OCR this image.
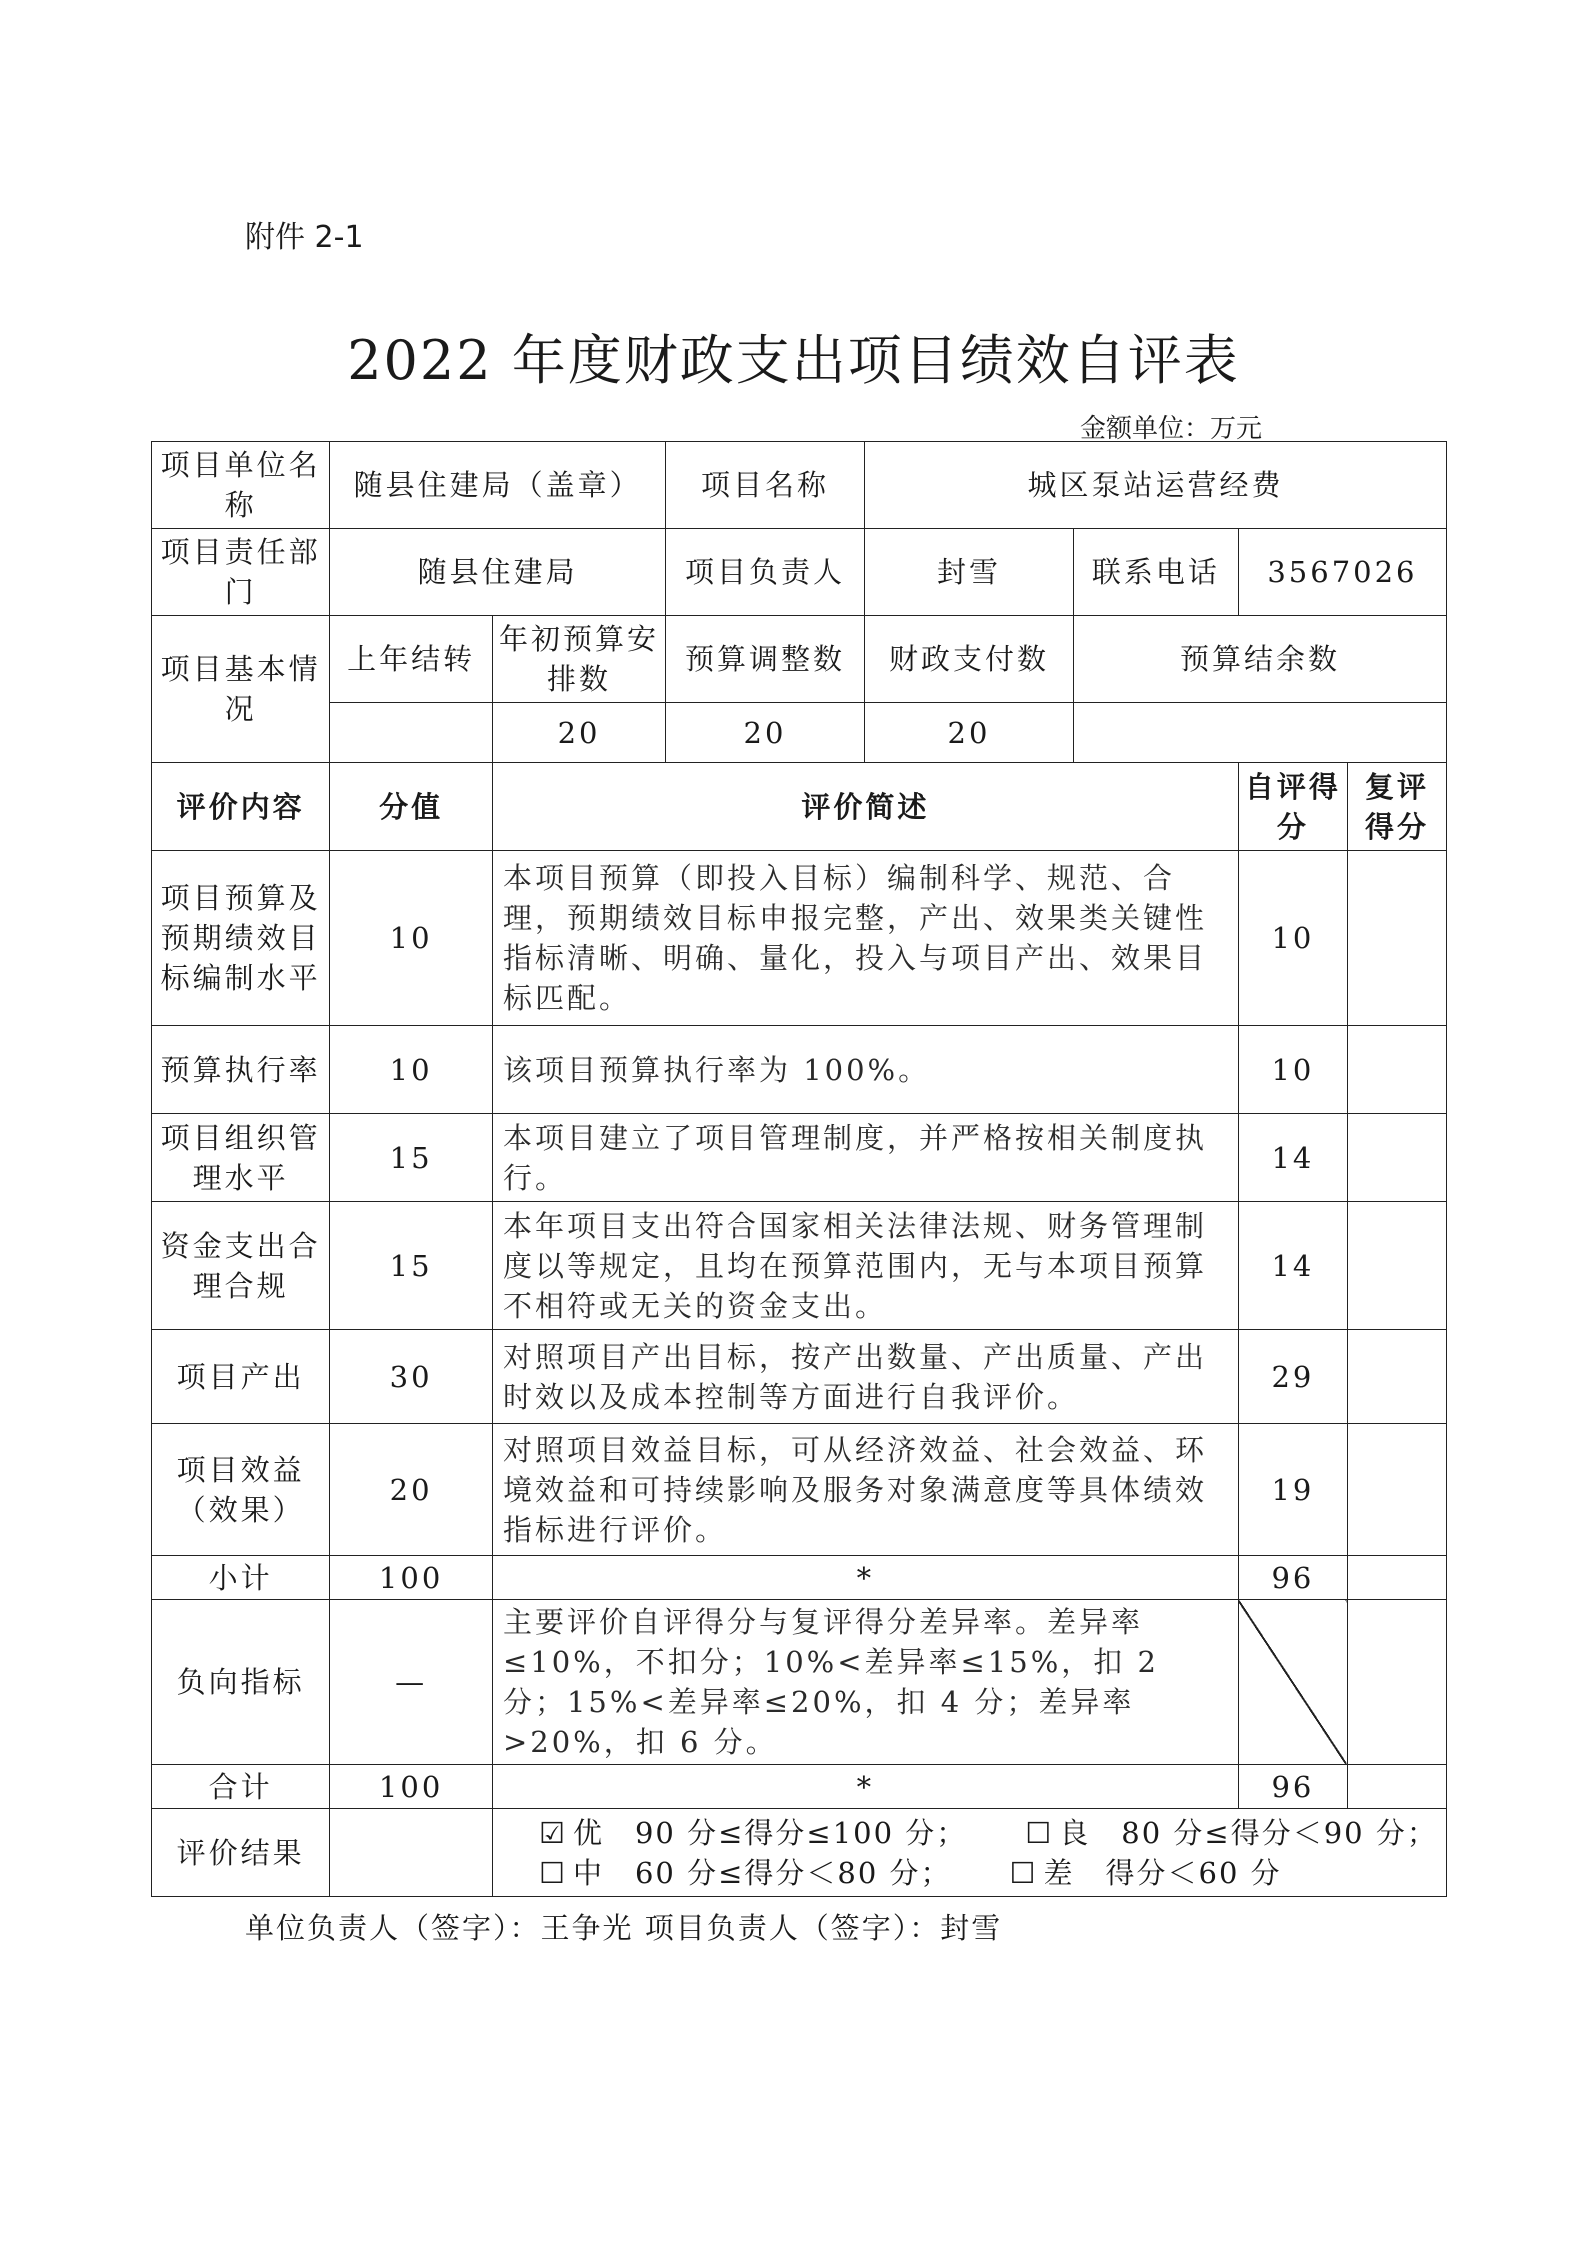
附件 2-1
2022 年度财政支出项目绩效自评表
金额单位：万元
项目单位名称	随县住建局（盖章）		项目名称	城区泵站运营经费			
项目责任部门	随县住建局		项目负责人	封雪	联系电话	3567026	
项目基本情况	上年结转	年初预算安排数	预算调整数	财政支付数	预算结余数		
		20	20	20			
评价内容	分值	评价简述				自评得分	复评得分
项目预算及预期绩效目标编制水平	10	本项目预算（即投入目标）编制科学、规范、合理，预期绩效目标申报完整，产出、效果类关键性指标清晰、明确、量化，投入与项目产出、效果目标匹配。				10	
预算执行率	10	该项目预算执行率为 100%。				10	
项目组织管理水平	15	本项目建立了项目管理制度，并严格按相关制度执行。				14	
资金支出合理合规	15	本年项目支出符合国家相关法律法规、财务管理制度以等规定，且均在预算范围内，无与本项目预算不相符或无关的资金支出。				14	
项目产出	30	对照项目产出目标，按产出数量、产出质量、产出时效以及成本控制等方面进行自我评价。				29	
项目效益（效果）	20	对照项目效益目标，可从经济效益、社会效益、环境效益和可持续影响及服务对象满意度等具体绩效指标进行评价。				19	
小计	100	*				96	
负向指标	—	主要评价自评得分与复评得分差异率。差异率≤10%，不扣分；10%<差异率≤15%，扣 2 分；15%<差异率≤20%，扣 4 分；差异率>20%，扣 6 分。					
合计	100	*				96	
评价结果		☑ 优　90 分≤得分≤100 分； ☐ 良　80 分≤得分＜90 分；
☐ 中　60 分≤得分＜80 分； ☐ 差　得分＜60 分					
单位负责人（签字）：王争光 项目负责人（签字）：封雪
